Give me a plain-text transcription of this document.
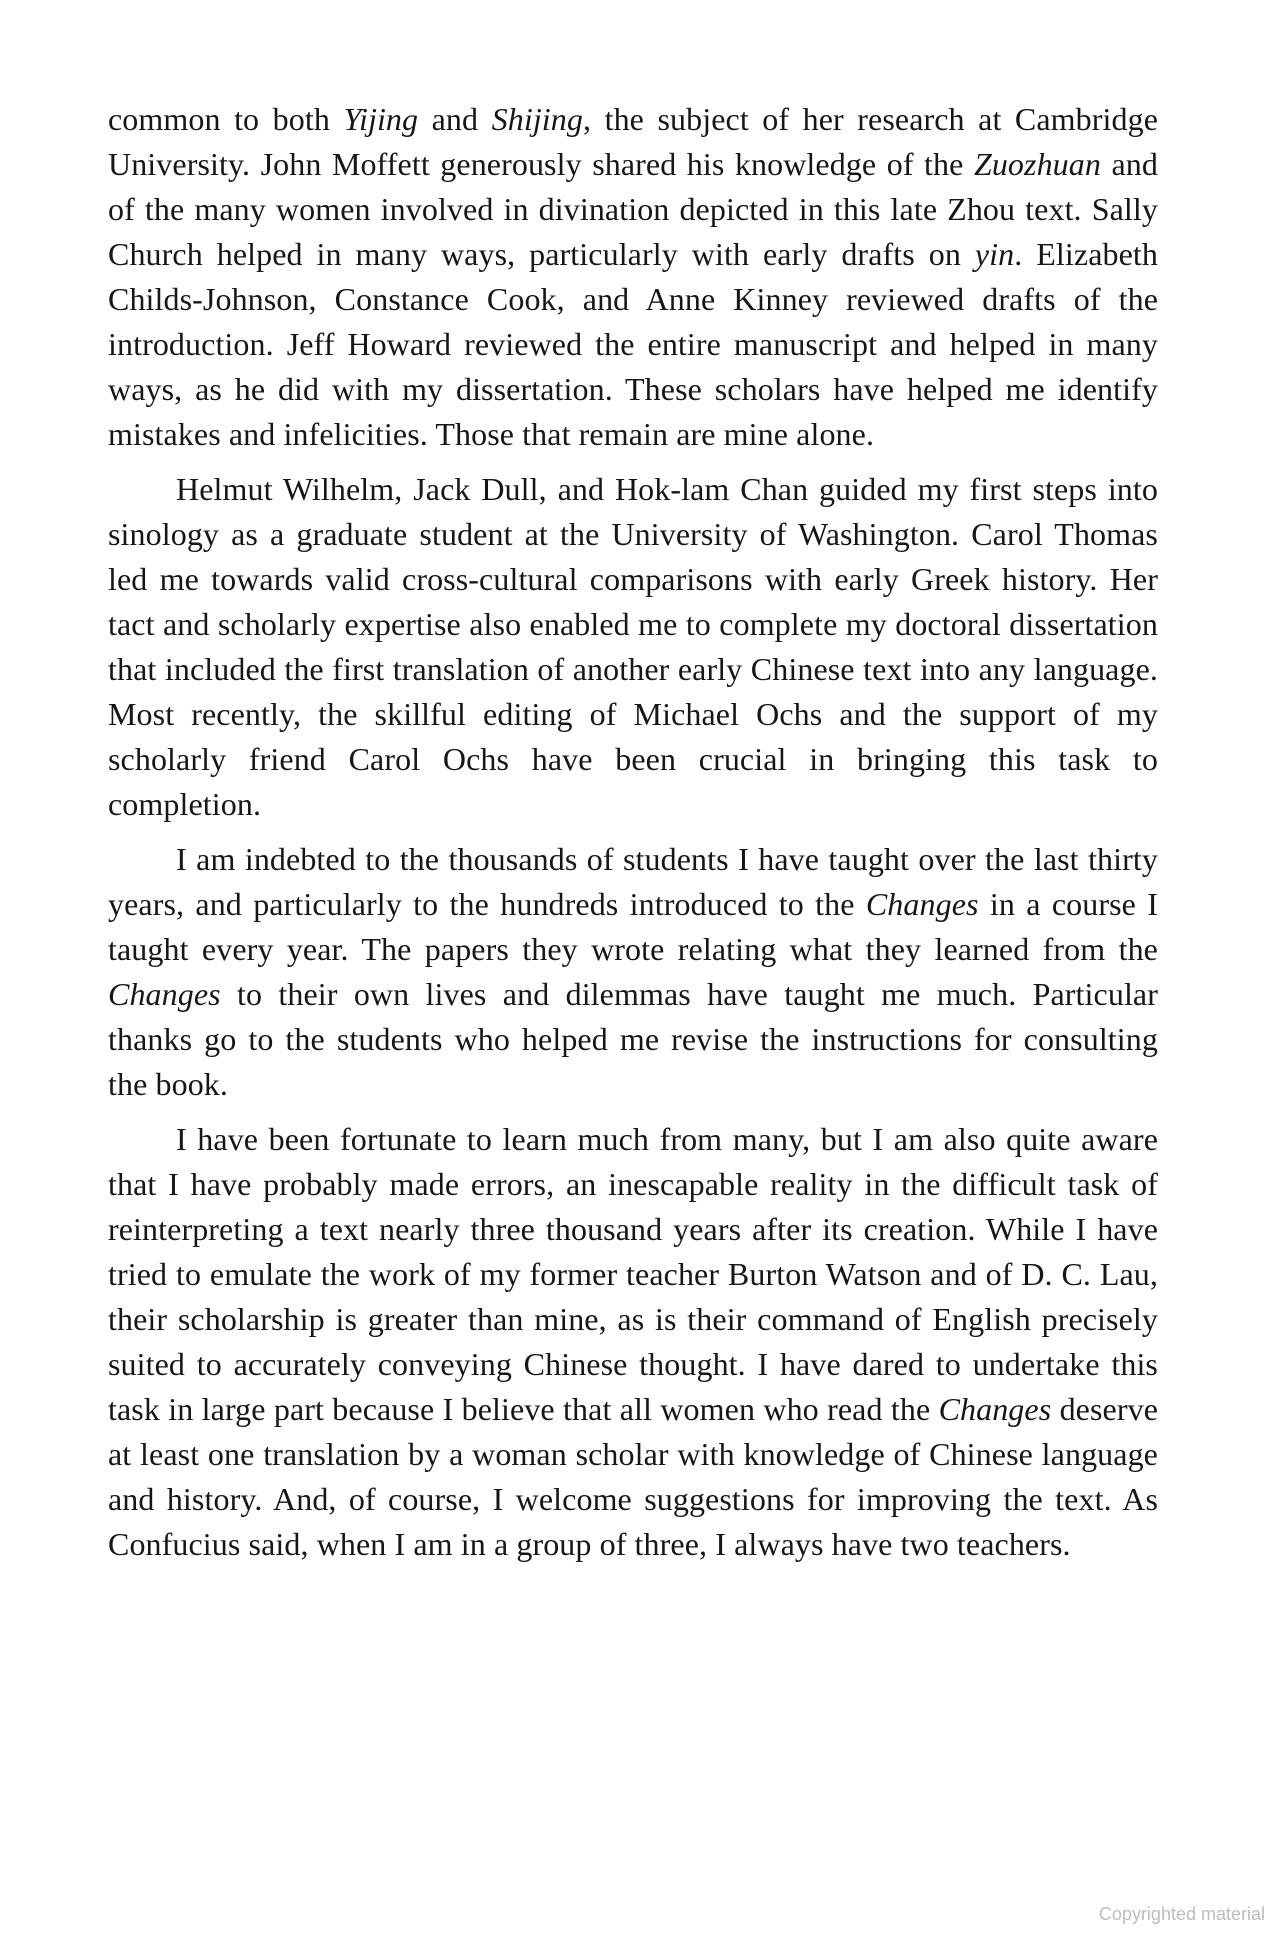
common to both Yijing and Shijing, the subject of her research at Cambridge University. John Moffett generously shared his knowledge of the Zuozhuan and of the many women involved in divination depicted in this late Zhou text. Sally Church helped in many ways, particularly with early drafts on yin. Elizabeth Childs-Johnson, Constance Cook, and Anne Kinney reviewed drafts of the introduction. Jeff Howard reviewed the entire manuscript and helped in many ways, as he did with my dissertation. These scholars have helped me identify mistakes and infelicities. Those that remain are mine alone.

Helmut Wilhelm, Jack Dull, and Hok-lam Chan guided my first steps into sinology as a graduate student at the University of Washington. Carol Thomas led me towards valid cross-cultural comparisons with early Greek history. Her tact and scholarly expertise also enabled me to complete my doctoral dissertation that included the first translation of another early Chinese text into any language. Most recently, the skillful editing of Michael Ochs and the support of my scholarly friend Carol Ochs have been crucial in bringing this task to completion.

I am indebted to the thousands of students I have taught over the last thirty years, and particularly to the hundreds introduced to the Changes in a course I taught every year. The papers they wrote relating what they learned from the Changes to their own lives and dilemmas have taught me much. Particular thanks go to the students who helped me revise the instructions for consulting the book.

I have been fortunate to learn much from many, but I am also quite aware that I have probably made errors, an inescapable reality in the difficult task of reinterpreting a text nearly three thousand years after its creation. While I have tried to emulate the work of my former teacher Burton Watson and of D. C. Lau, their scholarship is greater than mine, as is their command of English precisely suited to accurately conveying Chinese thought. I have dared to undertake this task in large part because I believe that all women who read the Changes deserve at least one translation by a woman scholar with knowledge of Chinese language and history. And, of course, I welcome suggestions for improving the text. As Confucius said, when I am in a group of three, I always have two teachers.

Copyrighted material
